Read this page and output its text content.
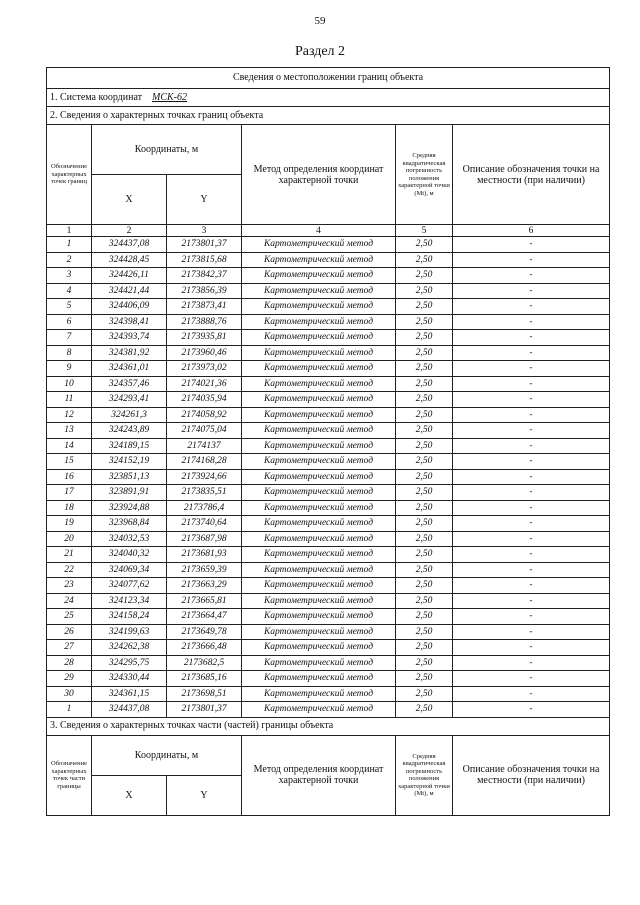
59
Раздел 2
Сведения о местоположении границ объекта					
1. Система координат МСК-62					
2. Сведения о характерных точках границ объекта					
Обозначение характерных точек границ	Координаты, м		Метод определения координат характерной точки	Средняя квадратическая погрешность положения характерной точки (Mt), м	Описание обозначения точки на местности (при наличии)
	X	Y			
1	2	3	4	5	6
1	324437,08	2173801,37	Картометрический метод	2,50	-
2	324428,45	2173815,68	Картометрический метод	2,50	-
3	324426,11	2173842,37	Картометрический метод	2,50	-
4	324421,44	2173856,39	Картометрический метод	2,50	-
5	324406,09	2173873,41	Картометрический метод	2,50	-
6	324398,41	2173888,76	Картометрический метод	2,50	-
7	324393,74	2173935,81	Картометрический метод	2,50	-
8	324381,92	2173960,46	Картометрический метод	2,50	-
9	324361,01	2173973,02	Картометрический метод	2,50	-
10	324357,46	2174021,36	Картометрический метод	2,50	-
11	324293,41	2174035,94	Картометрический метод	2,50	-
12	324261,3	2174058,92	Картометрический метод	2,50	-
13	324243,89	2174075,04	Картометрический метод	2,50	-
14	324189,15	2174137	Картометрический метод	2,50	-
15	324152,19	2174168,28	Картометрический метод	2,50	-
16	323851,13	2173924,66	Картометрический метод	2,50	-
17	323891,91	2173835,51	Картометрический метод	2,50	-
18	323924,88	2173786,4	Картометрический метод	2,50	-
19	323968,84	2173740,64	Картометрический метод	2,50	-
20	324032,53	2173687,98	Картометрический метод	2,50	-
21	324040,32	2173681,93	Картометрический метод	2,50	-
22	324069,34	2173659,39	Картометрический метод	2,50	-
23	324077,62	2173663,29	Картометрический метод	2,50	-
24	324123,34	2173665,81	Картометрический метод	2,50	-
25	324158,24	2173664,47	Картометрический метод	2,50	-
26	324199,63	2173649,78	Картометрический метод	2,50	-
27	324262,38	2173666,48	Картометрический метод	2,50	-
28	324295,75	2173682,5	Картометрический метод	2,50	-
29	324330,44	2173685,16	Картометрический метод	2,50	-
30	324361,15	2173698,51	Картометрический метод	2,50	-
1	324437,08	2173801,37	Картометрический метод	2,50	-
3. Сведения о характерных точках части (частей) границы объекта					
Обозначение характерных точек части границы	Координаты, м		Метод определения координат характерной точки	Средняя квадратическая погрешность положения характерной точки (Mt), м	Описание обозначения точки на местности (при наличии)
	X	Y			
